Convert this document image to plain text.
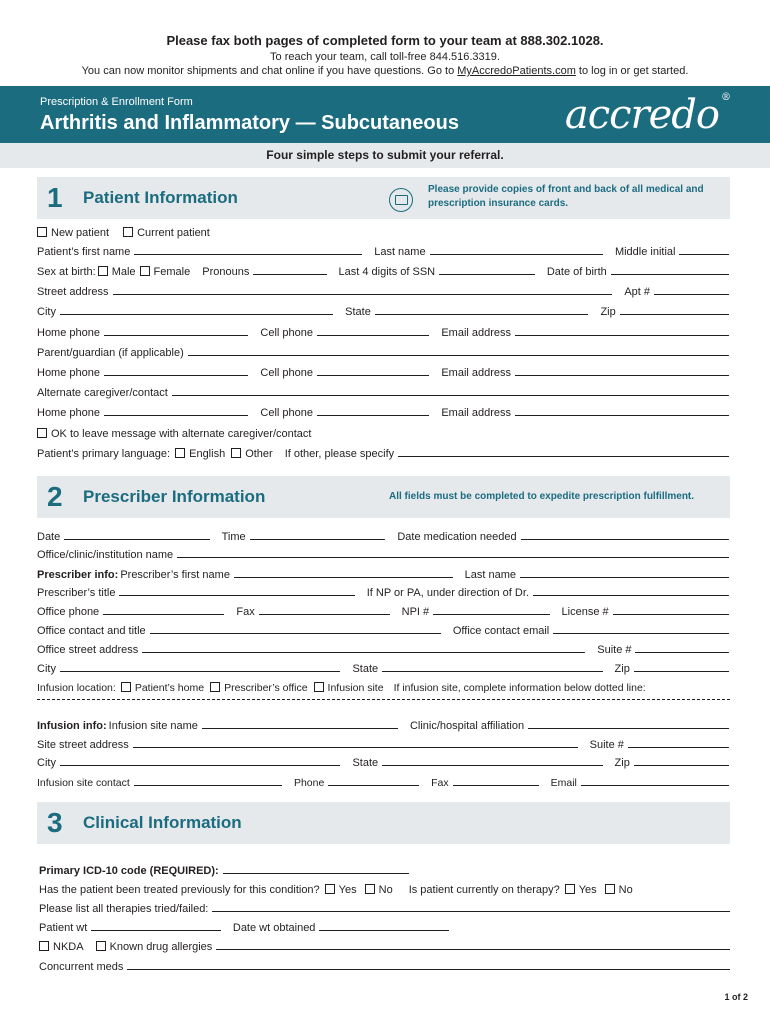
Please fax both pages of completed form to your team at 888.302.1028.
To reach your team, call toll-free 844.516.3319.
You can now monitor shipments and chat online if you have questions. Go to MyAccredoPatients.com to log in or get started.
Prescription & Enrollment Form
Arthritis and Inflammatory — Subcutaneous	accredo ®
Four simple steps to submit your referral.
1 Patient Information	Please provide copies of front and back of all medical and prescription insurance cards.
New patient	Current patient
Patient’s first name	Last name	Middle initial
Sex at birth: Male Female Pronouns	Last 4 digits of SSN	Date of birth
Street address	Apt #
City	State	Zip
Home phone	Cell phone	Email address
Parent/guardian (if applicable)
Home phone	Cell phone	Email address
Alternate caregiver/contact
Home phone	Cell phone	Email address
OK to leave message with alternate caregiver/contact
Patient’s primary language: English Other If other, please specify
2 Prescriber Information	All fields must be completed to expedite prescription fulfillment.
Date	Time	Date medication needed
Office/clinic/institution name
Prescriber info: Prescriber’s first name	Last name
Prescriber’s title	If NP or PA, under direction of Dr.
Office phone	Fax	NPI #	License #
Office contact and title	Office contact email
Office street address	Suite #
City	State	Zip
Infusion location: Patient’s home Prescriber’s office Infusion site If infusion site, complete information below dotted line:
Infusion info: Infusion site name	Clinic/hospital affiliation
Site street address	Suite #
City	State	Zip
Infusion site contact	Phone	Fax	Email
3 Clinical Information
Primary ICD-10 code (REQUIRED):
Has the patient been treated previously for this condition? Yes No Is patient currently on therapy? Yes No
Please list all therapies tried/failed:
Patient wt	Date wt obtained
NKDA Known drug allergies
Concurrent meds
1 of 2
